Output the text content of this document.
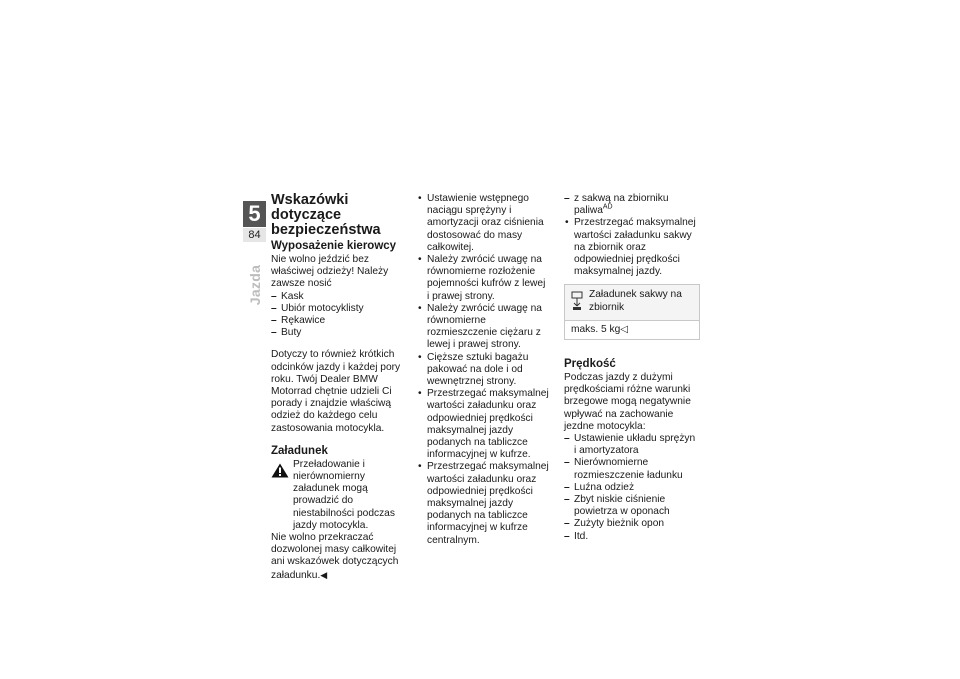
5
84
Jazda
Wskazówki dotyczące bezpieczeństwa
Wyposażenie kierowcy

Nie wolno jeździć bez właściwej odzieży! Należy zawsze nosić

– Kask
– Ubiór motocyklisty
– Rękawice
– Buty

Dotyczy to również krótkich odcinków jazdy i każdej pory roku. Twój Dealer BMW Motorrad chętnie udzieli Ci porady i znajdzie właściwą odzież do każdego celu zastosowania motocykla.

Załadunek

Przeładowanie i nierównomierny załadunek mogą prowadzić do niestabilności podczas jazdy motocykla.

Nie wolno przekraczać dozwolonej masy całkowitej ani wskazówek dotyczących załadunku.◀

• Ustawienie wstępnego naciągu sprężyny i amortyzacji oraz ciśnienia dostosować do masy całkowitej.
• Należy zwrócić uwagę na równomierne rozłożenie pojemności kufrów z lewej i prawej strony.
• Należy zwrócić uwagę na równomierne rozmieszczenie ciężaru z lewej i prawej strony.
• Cięższe sztuki bagażu pakować na dole i od wewnętrznej strony.
• Przestrzegać maksymalnej wartości załadunku oraz odpowiedniej prędkości maksymalnej jazdy podanych na tabliczce informacyjnej w kufrze.
• Przestrzegać maksymalnej wartości załadunku oraz odpowiedniej prędkości maksymalnej jazdy podanych na tabliczce informacyjnej w kufrze centralnym.
– z sakwą na zbiorniku paliwa$^{AD}$
• Przestrzegać maksymalnej wartości załadunku sakwy na zbiornik oraz odpowiedniej prędkości maksymalnej jazdy.
Załadunek sakwy na zbiornik
maks. 5 kg◁
Prędkość

Podczas jazdy z dużymi prędkościami różne warunki brzegowe mogą negatywnie wpływać na zachowanie jezdne motocykla:

– Ustawienie układu sprężyn i amortyzatora
– Nierównomierne rozmieszczenie ładunku
– Luźna odzież
– Zbyt niskie ciśnienie powietrza w oponach
– Zużyty bieżnik opon
– Itd.
